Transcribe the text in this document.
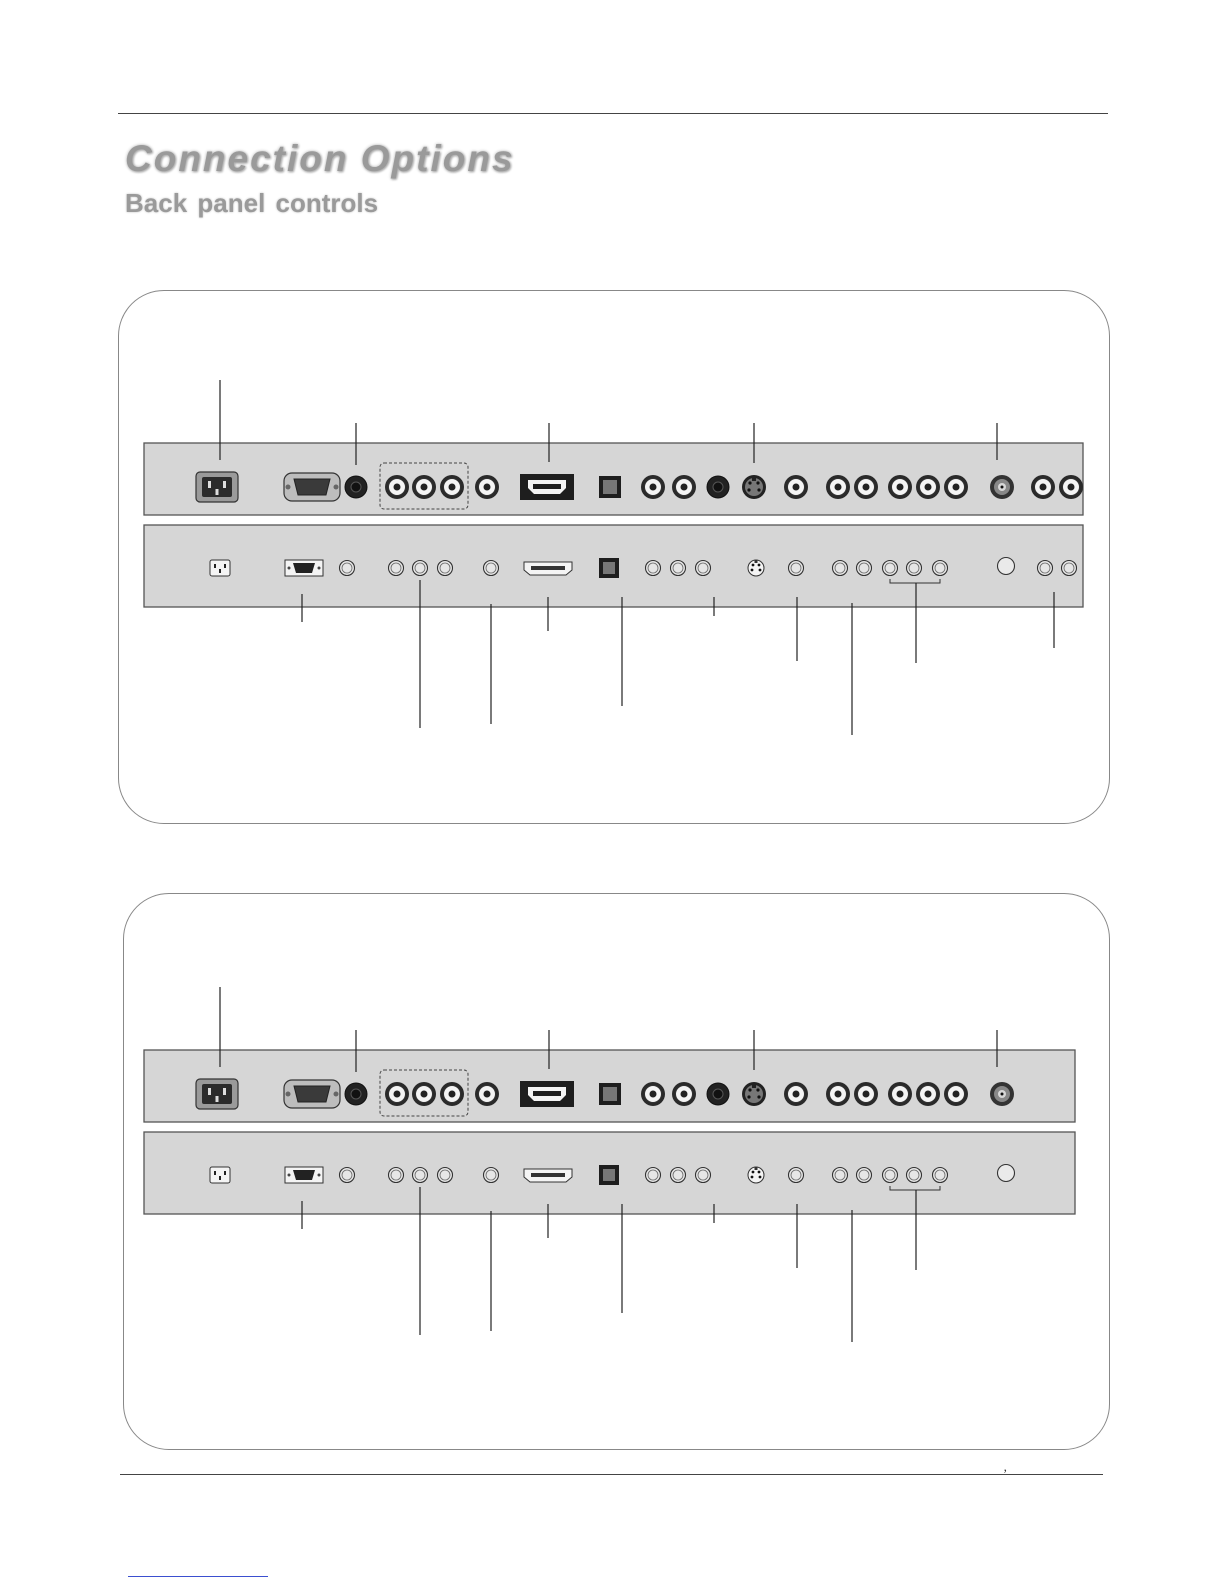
Connection Options
Back panel controls
’
